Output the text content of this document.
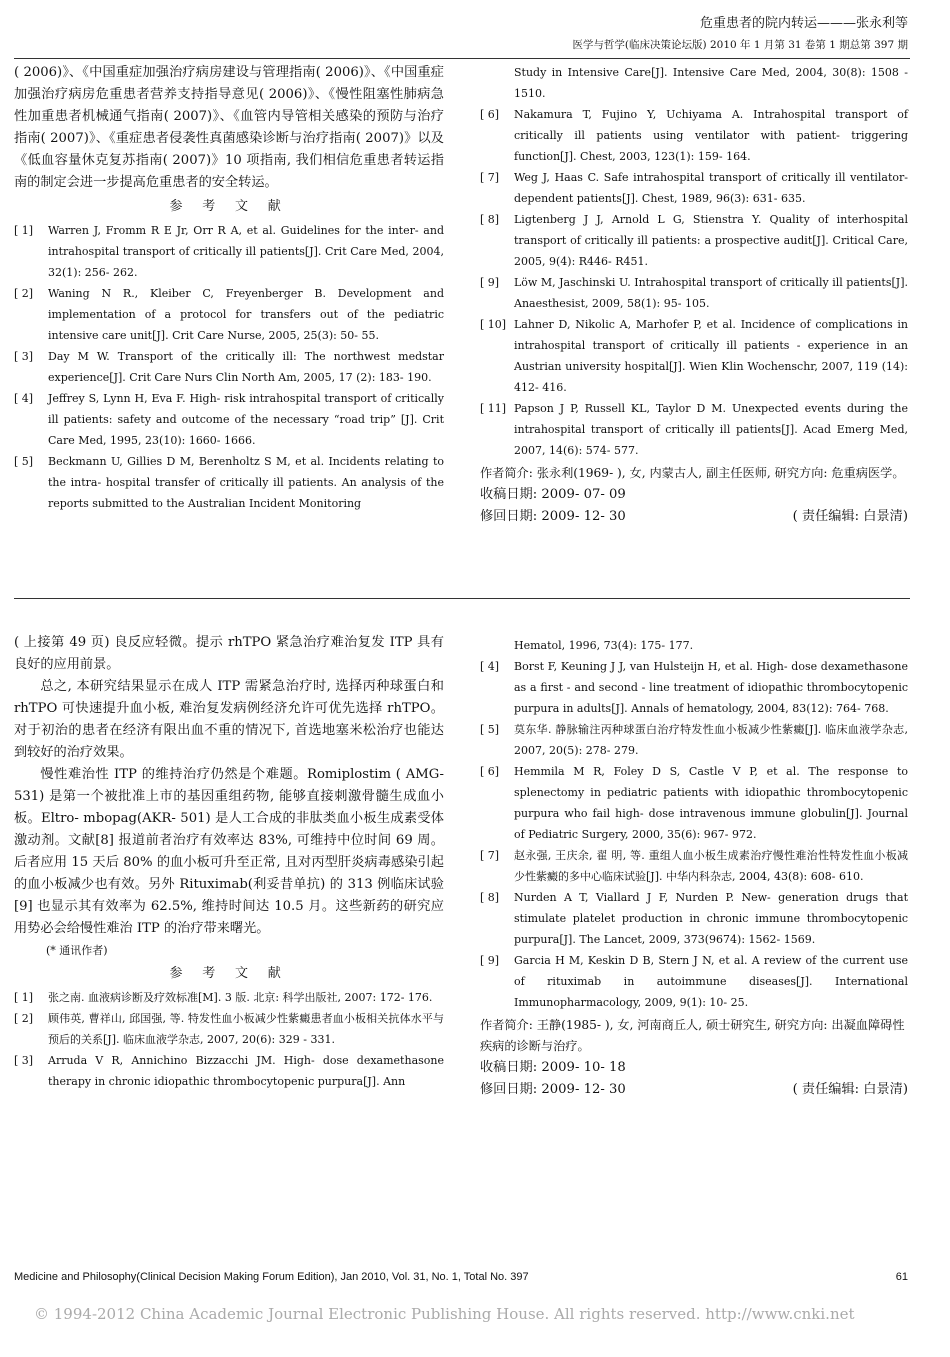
危重患者的院内转运———张永利等
医学与哲学(临床决策论坛版) 2010 年 1 月第 31 卷第 1 期总第 397 期
( 2006)》、《中国重症加强治疗病房建设与管理指南( 2006)》、《中国重症加强治疗病房危重患者营养支持指导意见( 2006)》、《慢性阻塞性肺病急性加重患者机械通气指南( 2007)》、《血管内导管相关感染的预防与治疗指南( 2007)》、《重症患者侵袭性真菌感染诊断与治疗指南( 2007)》以及《低血容量休克复苏指南( 2007)》10 项指南, 我们相信危重患者转运指南的制定会进一步提高危重患者的安全转运。
参 考 文 献
[ 1] Warren J, Fromm R E Jr, Orr R A, et al. Guidelines for the inter- and intrahospital transport of critically ill patients[J]. Crit Care Med, 2004, 32(1): 256- 262.
[ 2] Waning N R., Kleiber C, Freyenberger B. Development and implementation of a protocol for transfers out of the pediatric intensive care unit[J]. Crit Care Nurse, 2005, 25(3): 50- 55.
[ 3] Day M W. Transport of the critically ill: The northwest medstar experience[J]. Crit Care Nurs Clin North Am, 2005, 17 (2): 183- 190.
[ 4] Jeffrey S, Lynn H, Eva F. High- risk intrahospital transport of critically ill patients: safety and outcome of the necessary “road trip” [J]. Crit Care Med, 1995, 23(10): 1660- 1666.
[ 5] Beckmann U, Gillies D M, Berenholtz S M, et al. Incidents relating to the intra- hospital transfer of critically ill patients. An analysis of the reports submitted to the Australian Incident Monitoring
Study in Intensive Care[J]. Intensive Care Med, 2004, 30(8): 1508 - 1510.
[ 6] Nakamura T, Fujino Y, Uchiyama A. Intrahospital transport of critically ill patients using ventilator with patient- triggering function[J]. Chest, 2003, 123(1): 159- 164.
[ 7] Weg J, Haas C. Safe intrahospital transport of critically ill ventilator- dependent patients[J]. Chest, 1989, 96(3): 631- 635.
[ 8] Ligtenberg J J, Arnold L G, Stienstra Y. Quality of interhospital transport of critically ill patients: a prospective audit[J]. Critical Care, 2005, 9(4): R446- R451.
[ 9] Löw M, Jaschinski U. Intrahospital transport of critically ill patients[J]. Anaesthesist, 2009, 58(1): 95- 105.
[ 10] Lahner D, Nikolic A, Marhofer P, et al. Incidence of complications in intrahospital transport of critically ill patients - experience in an Austrian university hospital[J]. Wien Klin Wochenschr, 2007, 119 (14): 412- 416.
[ 11] Papson J P, Russell KL, Taylor D M. Unexpected events during the intrahospital transport of critically ill patients[J]. Acad Emerg Med, 2007, 14(6): 574- 577.
作者简介: 张永利(1969- ), 女, 内蒙古人, 副主任医师, 研究方向: 危重病医学。
收稿日期: 2009- 07- 09
修回日期: 2009- 12- 30	( 责任编辑: 白景清)
( 上接第 49 页) 良反应轻微。提示 rhTPO 紧急治疗难治复发 ITP 具有良好的应用前景。
总之, 本研究结果显示在成人 ITP 需紧急治疗时, 选择丙种球蛋白和 rhTPO 可快速提升血小板, 难治复发病例经济允许可优先选择 rhTPO。对于初治的患者在经济有限出血不重的情况下, 首选地塞米松治疗也能达到较好的治疗效果。
慢性难治性 ITP 的维持治疗仍然是个难题。Romiplostim ( AMG- 531) 是第一个被批准上市的基因重组药物, 能够直接刺激骨髓生成血小板。Eltro- mbopag(AKR- 501) 是人工合成的非肽类血小板生成素受体激动剂。文献[8] 报道前者治疗有效率达 83%, 可维持中位时间 69 周。后者应用 15 天后 80% 的血小板可升至正常, 且对丙型肝炎病毒感染引起的血小板减少也有效。另外 Rituximab(利妥昔单抗) 的 313 例临床试验[9] 也显示其有效率为 62.5%, 维持时间达 10.5 月。这些新药的研究应用势必会给慢性难治 ITP 的治疗带来曙光。
(* 通讯作者)
参 考 文 献
[ 1] 张之南. 血液病诊断及疗效标准[M]. 3 版. 北京: 科学出版社, 2007: 172- 176.
[ 2] 顾伟英, 曹祥山, 邱国强, 等. 特发性血小板减少性紫癜患者血小板相关抗体水平与预后的关系[J]. 临床血液学杂志, 2007, 20(6): 329 - 331.
[ 3] Arruda V R, Annichino Bizzacchi JM. High- dose dexamethasone therapy in chronic idiopathic thrombocytopenic purpura[J]. Ann
Hematol, 1996, 73(4): 175- 177.
[ 4] Borst F, Keuning J J, van Hulsteijn H, et al. High- dose dexamethasone as a first - and second - line treatment of idiopathic thrombocytopenic purpura in adults[J]. Annals of hematology, 2004, 83(12): 764- 768.
[ 5] 莫东华. 静脉输注丙种球蛋白治疗特发性血小板减少性紫癜[J]. 临床血液学杂志, 2007, 20(5): 278- 279.
[ 6] Hemmila M R, Foley D S, Castle V P, et al. The response to splenectomy in pediatric patients with idiopathic thrombocytopenic purpura who fail high- dose intravenous immune globulin[J]. Journal of Pediatric Surgery, 2000, 35(6): 967- 972.
[ 7] 赵永强, 王庆余, 翟 明, 等. 重组人血小板生成素治疗慢性难治性特发性血小板减少性紫癜的多中心临床试验[J]. 中华内科杂志, 2004, 43(8): 608- 610.
[ 8] Nurden A T, Viallard J F, Nurden P. New- generation drugs that stimulate platelet production in chronic immune thrombocytopenic purpura[J]. The Lancet, 2009, 373(9674): 1562- 1569.
[ 9] Garcia H M, Keskin D B, Stern J N, et al. A review of the current use of rituximab in autoimmune diseases[J]. International Immunopharmacology, 2009, 9(1): 10- 25.
作者简介: 王静(1985- ), 女, 河南商丘人, 硕士研究生, 研究方向: 出凝血障碍性疾病的诊断与治疗。
收稿日期: 2009- 10- 18
修回日期: 2009- 12- 30	( 责任编辑: 白景清)
Medicine and Philosophy(Clinical Decision Making Forum Edition), Jan 2010, Vol. 31, No. 1, Total No. 397	61
© 1994-2012 China Academic Journal Electronic Publishing House. All rights reserved. http://www.cnki.net
